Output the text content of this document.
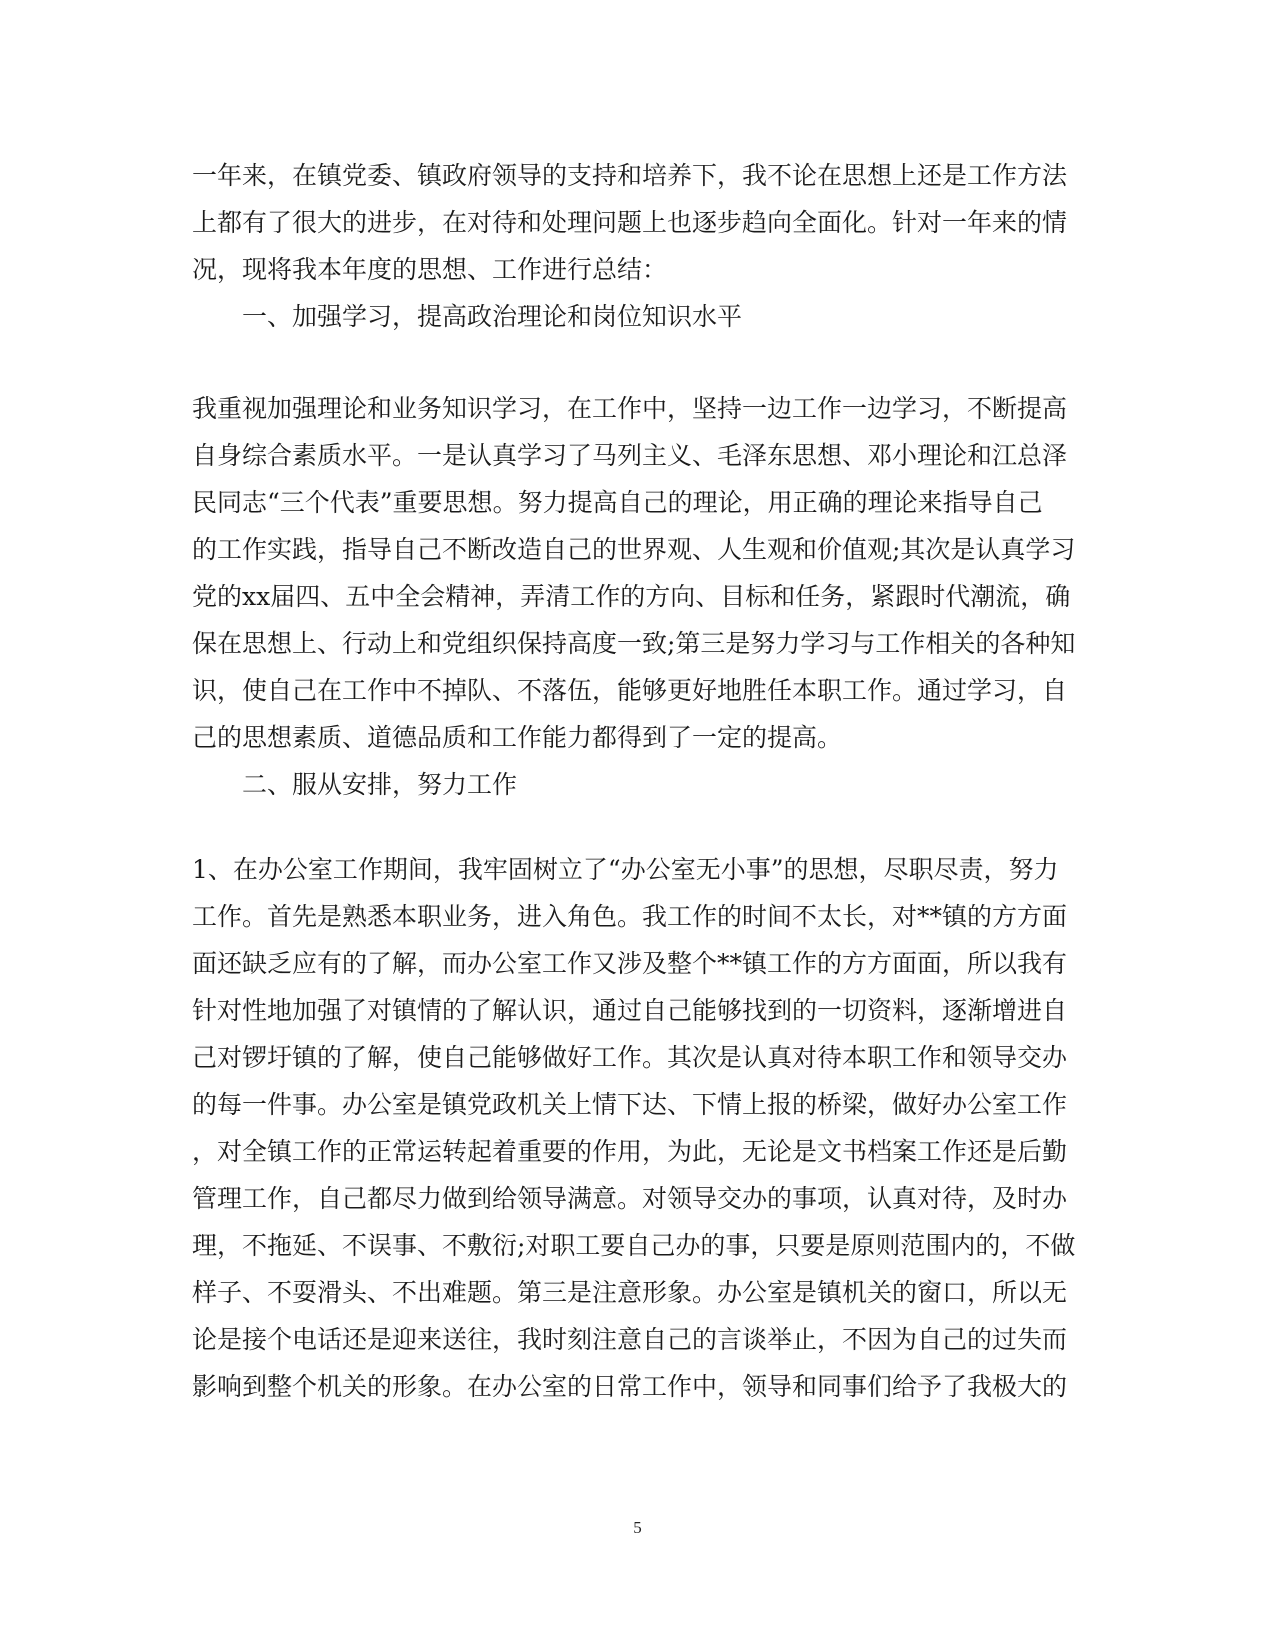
一年来，在镇党委、镇政府领导的支持和培养下，我不论在思想上还是工作方法
上都有了很大的进步，在对待和处理问题上也逐步趋向全面化。针对一年来的情
况，现将我本年度的思想、工作进行总结：
一、加强学习，提高政治理论和岗位知识水平
我重视加强理论和业务知识学习，在工作中，坚持一边工作一边学习，不断提高
自身综合素质水平。一是认真学习了马列主义、毛泽东思想、邓小理论和江总泽
民同志“三个代表”重要思想。努力提高自己的理论，用正确的理论来指导自己
的工作实践，指导自己不断改造自己的世界观、人生观和价值观;其次是认真学习
党的xx届四、五中全会精神，弄清工作的方向、目标和任务，紧跟时代潮流，确
保在思想上、行动上和党组织保持高度一致;第三是努力学习与工作相关的各种知
识，使自己在工作中不掉队、不落伍，能够更好地胜任本职工作。通过学习，自
己的思想素质、道德品质和工作能力都得到了一定的提高。
二、服从安排，努力工作
1、在办公室工作期间，我牢固树立了“办公室无小事”的思想，尽职尽责，努力
工作。首先是熟悉本职业务，进入角色。我工作的时间不太长，对**镇的方方面
面还缺乏应有的了解，而办公室工作又涉及整个**镇工作的方方面面，所以我有
针对性地加强了对镇情的了解认识，通过自己能够找到的一切资料，逐渐增进自
己对锣圩镇的了解，使自己能够做好工作。其次是认真对待本职工作和领导交办
的每一件事。办公室是镇党政机关上情下达、下情上报的桥梁，做好办公室工作
，对全镇工作的正常运转起着重要的作用，为此，无论是文书档案工作还是后勤
管理工作，自己都尽力做到给领导满意。对领导交办的事项，认真对待，及时办
理，不拖延、不误事、不敷衍;对职工要自己办的事，只要是原则范围内的，不做
样子、不耍滑头、不出难题。第三是注意形象。办公室是镇机关的窗口，所以无
论是接个电话还是迎来送往，我时刻注意自己的言谈举止，不因为自己的过失而
影响到整个机关的形象。在办公室的日常工作中，领导和同事们给予了我极大的
5
